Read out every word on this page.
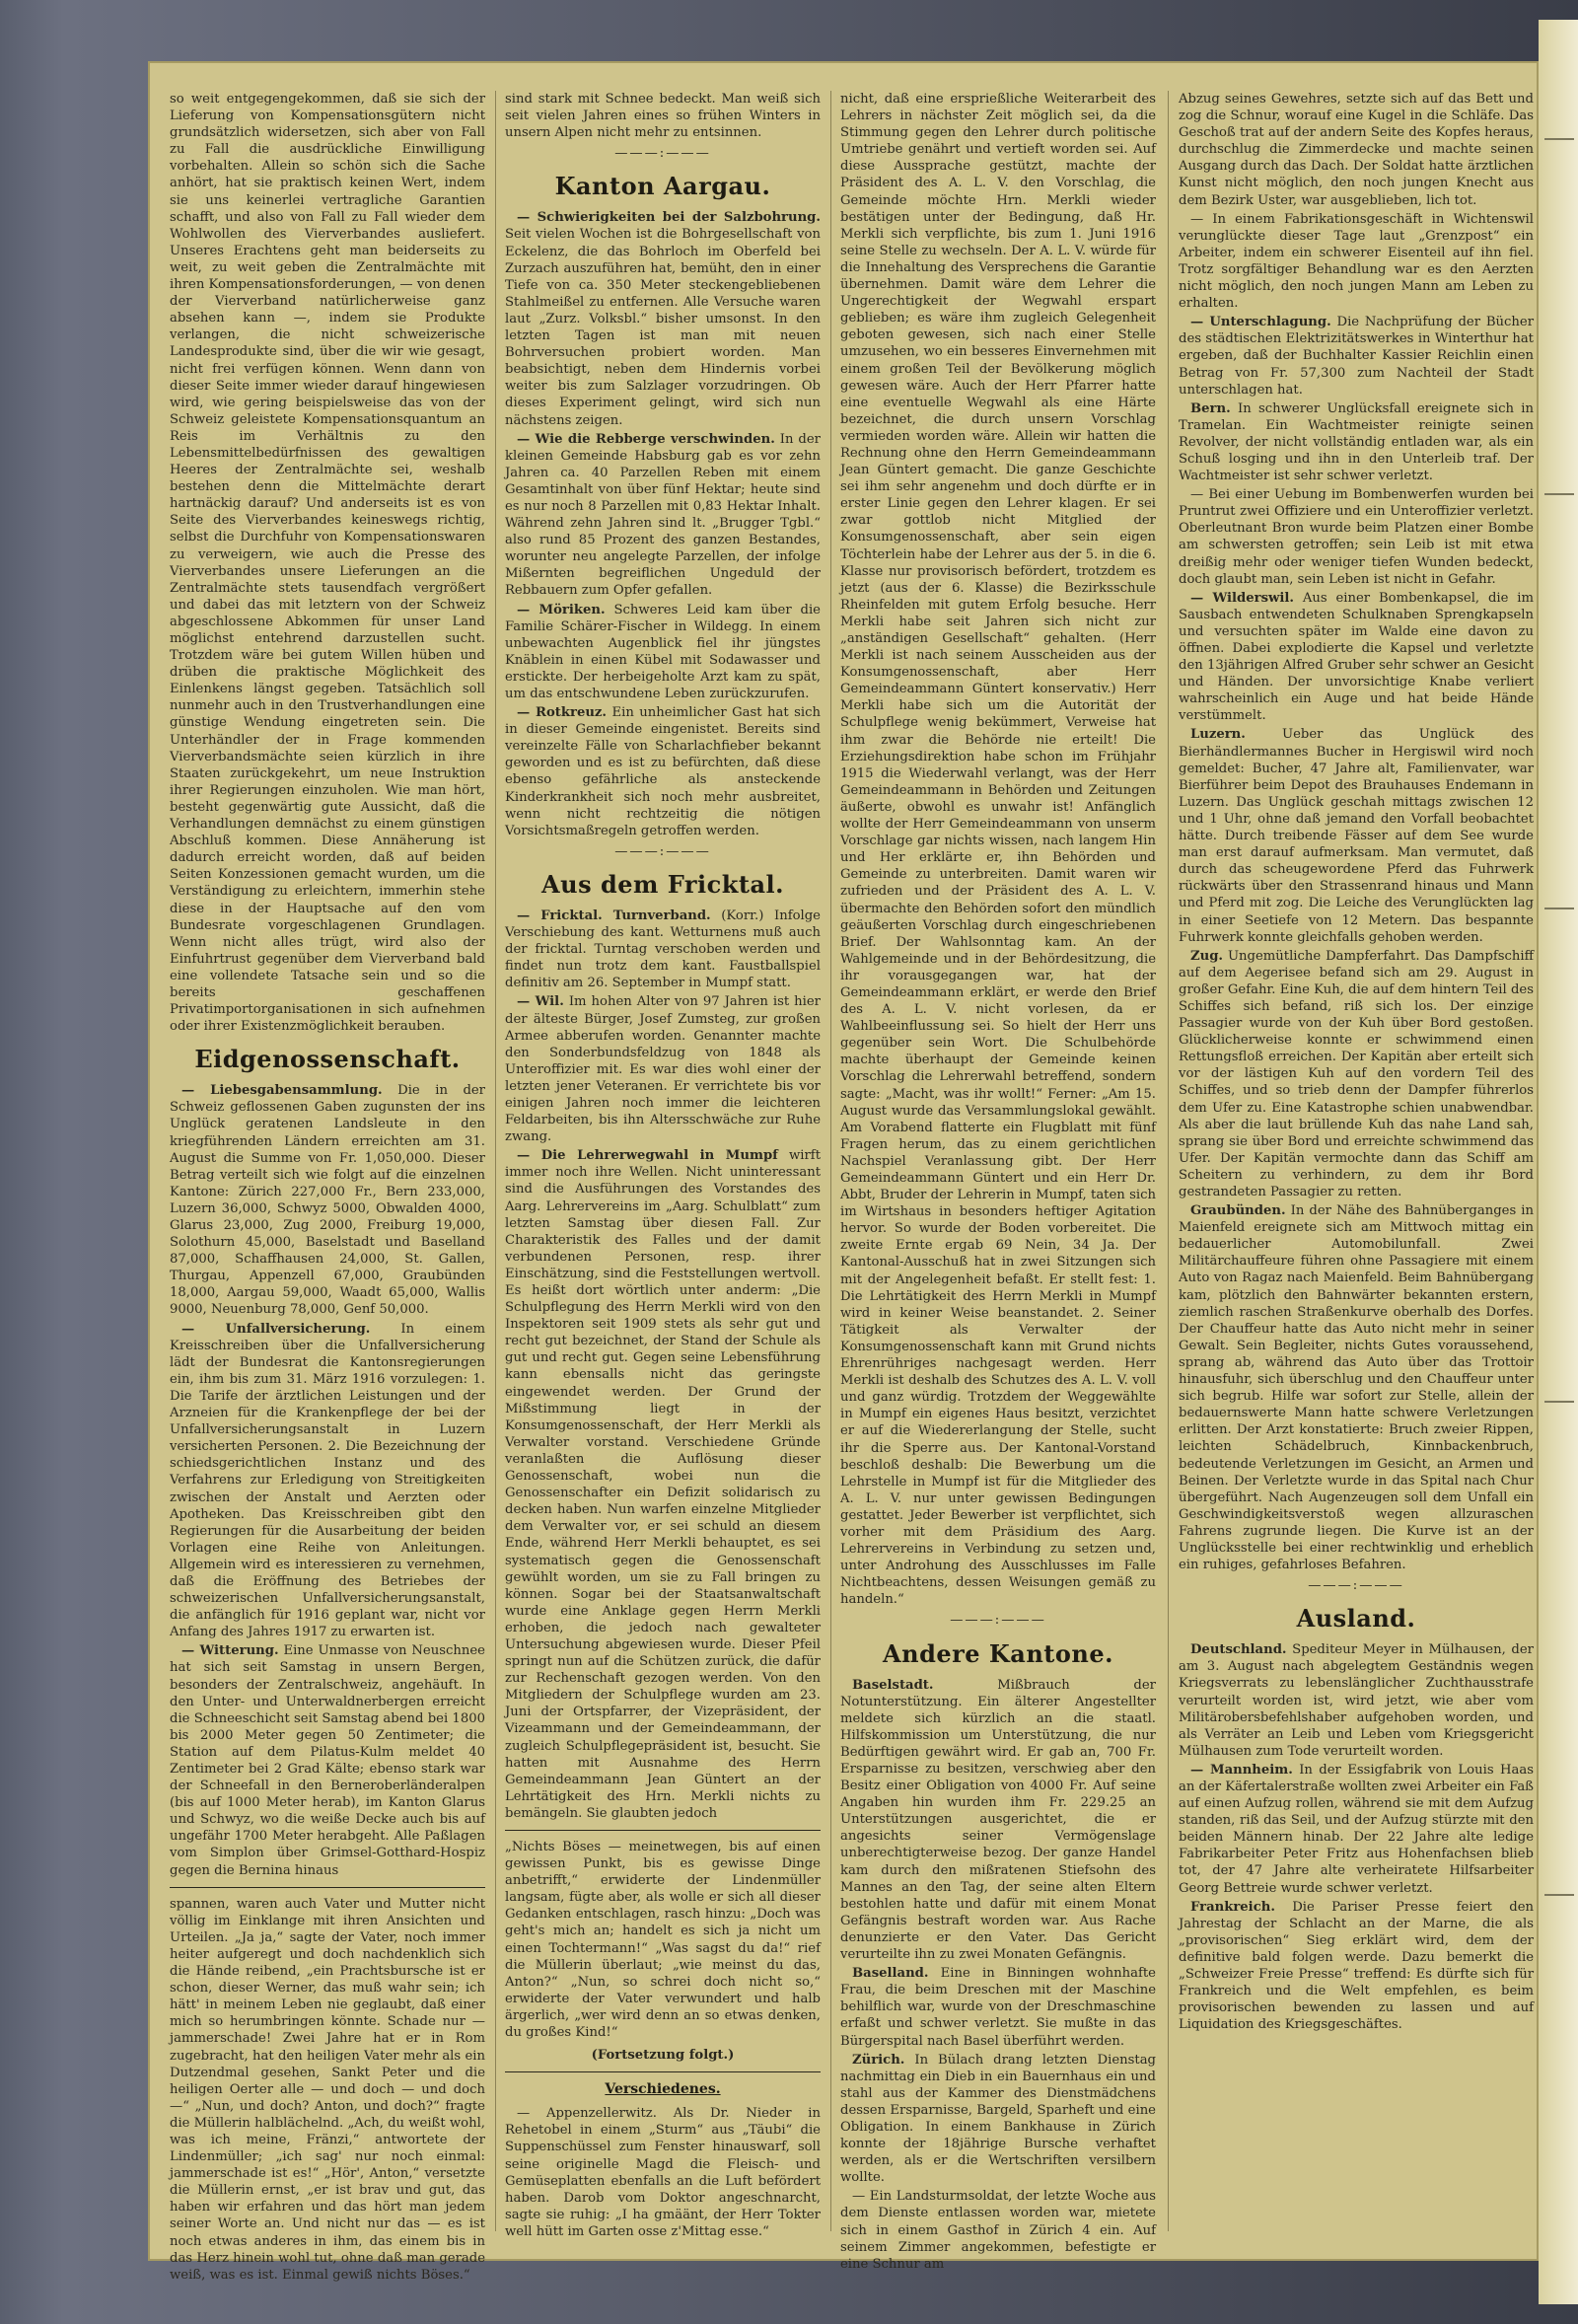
so weit entgegengekommen, daß sie sich der Lieferung von Kompensationsgütern nicht grundsätzlich widersetzen, sich aber von Fall zu Fall die ausdrückliche Einwilligung vorbehalten. Allein so schön sich die Sache anhört, hat sie praktisch keinen Wert, indem sie uns keinerlei vertragliche Garantien schafft, und also von Fall zu Fall wieder dem Wohlwollen des Vierverbandes ausliefert. Unseres Erachtens geht man beiderseits zu weit, zu weit geben die Zentralmächte mit ihren Kompensationsforderungen, — von denen der Vierverband natürlicherweise ganz absehen kann —, indem sie Produkte verlangen, die nicht schweizerische Landesprodukte sind, über die wir wie gesagt, nicht frei verfügen können. Wenn dann von dieser Seite immer wieder darauf hingewiesen wird, wie gering beispielsweise das von der Schweiz geleistete Kompensationsquantum an Reis im Verhältnis zu den Lebensmittelbedürfnissen des gewaltigen Heeres der Zentralmächte sei, weshalb bestehen denn die Mittelmächte derart hartnäckig darauf? Und anderseits ist es von Seite des Vierverbandes keineswegs richtig, selbst die Durchfuhr von Kompensationswaren zu verweigern, wie auch die Presse des Vierverbandes unsere Lieferungen an die Zentralmächte stets tausendfach vergrößert und dabei das mit letztern von der Schweiz abgeschlossene Abkommen für unser Land möglichst entehrend darzustellen sucht. Trotzdem wäre bei gutem Willen hüben und drüben die praktische Möglichkeit des Einlenkens längst gegeben. Tatsächlich soll nunmehr auch in den Trustverhandlungen eine günstige Wendung eingetreten sein. Die Unterhändler der in Frage kommenden Vierverbandsmächte seien kürzlich in ihre Staaten zurückgekehrt, um neue Instruktion ihrer Regierungen einzuholen. Wie man hört, besteht gegenwärtig gute Aussicht, daß die Verhandlungen demnächst zu einem günstigen Abschluß kommen. Diese Annäherung ist dadurch erreicht worden, daß auf beiden Seiten Konzessionen gemacht wurden, um die Verständigung zu erleichtern, immerhin stehe diese in der Hauptsache auf den vom Bundesrate vorgeschlagenen Grundlagen. Wenn nicht alles trügt, wird also der Einfuhrtrust gegenüber dem Vierverband bald eine vollendete Tatsache sein und so die bereits geschaffenen Privatimportorganisationen in sich aufnehmen oder ihrer Existenzmöglichkeit berauben.

Eidgenossenschaft.

— Liebesgabensammlung. Die in der Schweiz geflossenen Gaben zugunsten der ins Unglück geratenen Landsleute in den kriegführenden Ländern erreichten am 31. August die Summe von Fr. 1,050,000. Dieser Betrag verteilt sich wie folgt auf die einzelnen Kantone: Zürich 227,000 Fr., Bern 233,000, Luzern 36,000, Schwyz 5000, Obwalden 4000, Glarus 23,000, Zug 2000, Freiburg 19,000, Solothurn 45,000, Baselstadt und Baselland 87,000, Schaffhausen 24,000, St. Gallen, Thurgau, Appenzell 67,000, Graubünden 18,000, Aargau 59,000, Waadt 65,000, Wallis 9000, Neuenburg 78,000, Genf 50,000.

— Unfallversicherung. In einem Kreisschreiben über die Unfallversicherung lädt der Bundesrat die Kantonsregierungen ein, ihm bis zum 31. März 1916 vorzulegen: 1. Die Tarife der ärztlichen Leistungen und der Arzneien für die Krankenpflege der bei der Unfallversicherungsanstalt in Luzern versicherten Personen. 2. Die Bezeichnung der schiedsgerichtlichen Instanz und des Verfahrens zur Erledigung von Streitigkeiten zwischen der Anstalt und Aerzten oder Apotheken. Das Kreisschreiben gibt den Regierungen für die Ausarbeitung der beiden Vorlagen eine Reihe von Anleitungen. Allgemein wird es interessieren zu vernehmen, daß die Eröffnung des Betriebes der schweizerischen Unfallversicherungsanstalt, die anfänglich für 1916 geplant war, nicht vor Anfang des Jahres 1917 zu erwarten ist.

— Witterung. Eine Unmasse von Neuschnee hat sich seit Samstag in unsern Bergen, besonders der Zentralschweiz, angehäuft. In den Unter- und Unterwaldnerbergen erreicht die Schneeschicht seit Samstag abend bei 1800 bis 2000 Meter gegen 50 Zentimeter; die Station auf dem Pilatus-Kulm meldet 40 Zentimeter bei 2 Grad Kälte; ebenso stark war der Schneefall in den Berneroberländeralpen (bis auf 1000 Meter herab), im Kanton Glarus und Schwyz, wo die weiße Decke auch bis auf ungefähr 1700 Meter herabgeht. Alle Paßlagen vom Simplon über Grimsel-Gotthard-Hospiz gegen die Bernina hinaus

spannen, waren auch Vater und Mutter nicht völlig im Einklange mit ihren Ansichten und Urteilen. „Ja ja,“ sagte der Vater, noch immer heiter aufgeregt und doch nachdenklich sich die Hände reibend, „ein Prachtsbursche ist er schon, dieser Werner, das muß wahr sein; ich hätt' in meinem Leben nie geglaubt, daß einer mich so herumbringen könnte. Schade nur — jammerschade! Zwei Jahre hat er in Rom zugebracht, hat den heiligen Vater mehr als ein Dutzendmal gesehen, Sankt Peter und die heiligen Oerter alle — und doch — und doch —“ „Nun, und doch? Anton, und doch?“ fragte die Müllerin halblächelnd. „Ach, du weißt wohl, was ich meine, Fränzi,“ antwortete der Lindenmüller; „ich sag' nur noch einmal: jammerschade ist es!“ „Hör', Anton,“ versetzte die Müllerin ernst, „er ist brav und gut, das haben wir erfahren und das hört man jedem seiner Worte an. Und nicht nur das — es ist noch etwas anderes in ihm, das einem bis in das Herz hinein wohl tut, ohne daß man gerade weiß, was es ist. Einmal gewiß nichts Böses.“

sind stark mit Schnee bedeckt. Man weiß sich seit vielen Jahren eines so frühen Winters in unsern Alpen nicht mehr zu entsinnen.

———:———
Kanton Aargau.

— Schwierigkeiten bei der Salzbohrung. Seit vielen Wochen ist die Bohrgesellschaft von Eckelenz, die das Bohrloch im Oberfeld bei Zurzach auszuführen hat, bemüht, den in einer Tiefe von ca. 350 Meter steckengebliebenen Stahlmeißel zu entfernen. Alle Versuche waren laut „Zurz. Volksbl.“ bisher umsonst. In den letzten Tagen ist man mit neuen Bohrversuchen probiert worden. Man beabsichtigt, neben dem Hindernis vorbei weiter bis zum Salzlager vorzudringen. Ob dieses Experiment gelingt, wird sich nun nächstens zeigen.

— Wie die Rebberge verschwinden. In der kleinen Gemeinde Habsburg gab es vor zehn Jahren ca. 40 Parzellen Reben mit einem Gesamtinhalt von über fünf Hektar; heute sind es nur noch 8 Parzellen mit 0,83 Hektar Inhalt. Während zehn Jahren sind lt. „Brugger Tgbl.“ also rund 85 Prozent des ganzen Bestandes, worunter neu angelegte Parzellen, der infolge Mißernten begreiflichen Ungeduld der Rebbauern zum Opfer gefallen.

— Möriken. Schweres Leid kam über die Familie Schärer-Fischer in Wildegg. In einem unbewachten Augenblick fiel ihr jüngstes Knäblein in einen Kübel mit Sodawasser und erstickte. Der herbeigeholte Arzt kam zu spät, um das entschwundene Leben zurückzurufen.

— Rotkreuz. Ein unheimlicher Gast hat sich in dieser Gemeinde eingenistet. Bereits sind vereinzelte Fälle von Scharlachfieber bekannt geworden und es ist zu befürchten, daß diese ebenso gefährliche als ansteckende Kinderkrankheit sich noch mehr ausbreitet, wenn nicht rechtzeitig die nötigen Vorsichtsmaßregeln getroffen werden.

———:———
Aus dem Fricktal.

— Fricktal. Turnverband. (Korr.) Infolge Verschiebung des kant. Wetturnens muß auch der fricktal. Turntag verschoben werden und findet nun trotz dem kant. Faustballspiel definitiv am 26. September in Mumpf statt.

— Wil. Im hohen Alter von 97 Jahren ist hier der älteste Bürger, Josef Zumsteg, zur großen Armee abberufen worden. Genannter machte den Sonderbundsfeldzug von 1848 als Unteroffizier mit. Es war dies wohl einer der letzten jener Veteranen. Er verrichtete bis vor einigen Jahren noch immer die leichteren Feldarbeiten, bis ihn Altersschwäche zur Ruhe zwang.

— Die Lehrerwegwahl in Mumpf wirft immer noch ihre Wellen. Nicht uninteressant sind die Ausführungen des Vorstandes des Aarg. Lehrervereins im „Aarg. Schulblatt“ zum letzten Samstag über diesen Fall. Zur Charakteristik des Falles und der damit verbundenen Personen, resp. ihrer Einschätzung, sind die Feststellungen wertvoll. Es heißt dort wörtlich unter anderm: „Die Schulpflegung des Herrn Merkli wird von den Inspektoren seit 1909 stets als sehr gut und recht gut bezeichnet, der Stand der Schule als gut und recht gut. Gegen seine Lebensführung kann ebensalls nicht das geringste eingewendet werden. Der Grund der Mißstimmung liegt in der Konsumgenossenschaft, der Herr Merkli als Verwalter vorstand. Verschiedene Gründe veranlaßten die Auflösung dieser Genossenschaft, wobei nun die Genossenschafter ein Defizit solidarisch zu decken haben. Nun warfen einzelne Mitglieder dem Verwalter vor, er sei schuld an diesem Ende, während Herr Merkli behauptet, es sei systematisch gegen die Genossenschaft gewühlt worden, um sie zu Fall bringen zu können. Sogar bei der Staatsanwaltschaft wurde eine Anklage gegen Herrn Merkli erhoben, die jedoch nach gewalteter Untersuchung abgewiesen wurde. Dieser Pfeil springt nun auf die Schützen zurück, die dafür zur Rechenschaft gezogen werden. Von den Mitgliedern der Schulpflege wurden am 23. Juni der Ortspfarrer, der Vizepräsident, der Vizeammann und der Gemeindeammann, der zugleich Schulpflegepräsident ist, besucht. Sie hatten mit Ausnahme des Herrn Gemeindeammann Jean Güntert an der Lehrtätigkeit des Hrn. Merkli nichts zu bemängeln. Sie glaubten jedoch

„Nichts Böses — meinetwegen, bis auf einen gewissen Punkt, bis es gewisse Dinge anbetrifft,“ erwiderte der Lindenmüller langsam, fügte aber, als wolle er sich all dieser Gedanken entschlagen, rasch hinzu: „Doch was geht's mich an; handelt es sich ja nicht um einen Tochtermann!“ „Was sagst du da!“ rief die Müllerin überlaut; „wie meinst du das, Anton?“ „Nun, so schrei doch nicht so,“ erwiderte der Vater verwundert und halb ärgerlich, „wer wird denn an so etwas denken, du großes Kind!“

(Fortsetzung folgt.)
Verschiedenes.

— Appenzellerwitz. Als Dr. Nieder in Rehetobel in einem „Sturm“ aus „Täubi“ die Suppenschüssel zum Fenster hinauswarf, soll seine originelle Magd die Fleisch- und Gemüseplatten ebenfalls an die Luft befördert haben. Darob vom Doktor angeschnarcht, sagte sie ruhig: „I ha gmäänt, der Herr Tokter well hütt im Garten osse z'Mittag esse.“

nicht, daß eine ersprießliche Weiterarbeit des Lehrers in nächster Zeit möglich sei, da die Stimmung gegen den Lehrer durch politische Umtriebe genährt und vertieft worden sei. Auf diese Aussprache gestützt, machte der Präsident des A. L. V. den Vorschlag, die Gemeinde möchte Hrn. Merkli wieder bestätigen unter der Bedingung, daß Hr. Merkli sich verpflichte, bis zum 1. Juni 1916 seine Stelle zu wechseln. Der A. L. V. würde für die Innehaltung des Versprechens die Garantie übernehmen. Damit wäre dem Lehrer die Ungerechtigkeit der Wegwahl erspart geblieben; es wäre ihm zugleich Gelegenheit geboten gewesen, sich nach einer Stelle umzusehen, wo ein besseres Einvernehmen mit einem großen Teil der Bevölkerung möglich gewesen wäre. Auch der Herr Pfarrer hatte eine eventuelle Wegwahl als eine Härte bezeichnet, die durch unsern Vorschlag vermieden worden wäre. Allein wir hatten die Rechnung ohne den Herrn Gemeindeammann Jean Güntert gemacht. Die ganze Geschichte sei ihm sehr angenehm und doch dürfte er in erster Linie gegen den Lehrer klagen. Er sei zwar gottlob nicht Mitglied der Konsumgenossenschaft, aber sein eigen Töchterlein habe der Lehrer aus der 5. in die 6. Klasse nur provisorisch befördert, trotzdem es jetzt (aus der 6. Klasse) die Bezirksschule Rheinfelden mit gutem Erfolg besuche. Herr Merkli habe seit Jahren sich nicht zur „anständigen Gesellschaft“ gehalten. (Herr Merkli ist nach seinem Ausscheiden aus der Konsumgenossenschaft, aber Herr Gemeindeammann Güntert konservativ.) Herr Merkli habe sich um die Autorität der Schulpflege wenig bekümmert, Verweise hat ihm zwar die Behörde nie erteilt! Die Erziehungsdirektion habe schon im Frühjahr 1915 die Wiederwahl verlangt, was der Herr Gemeindeammann in Behörden und Zeitungen äußerte, obwohl es unwahr ist! Anfänglich wollte der Herr Gemeindeammann von unserm Vorschlage gar nichts wissen, nach langem Hin und Her erklärte er, ihn Behörden und Gemeinde zu unterbreiten. Damit waren wir zufrieden und der Präsident des A. L. V. übermachte den Behörden sofort den mündlich geäußerten Vorschlag durch eingeschriebenen Brief. Der Wahlsonntag kam. An der Wahlgemeinde und in der Behördesitzung, die ihr vorausgegangen war, hat der Gemeindeammann erklärt, er werde den Brief des A. L. V. nicht vorlesen, da er Wahlbeeinflussung sei. So hielt der Herr uns gegenüber sein Wort. Die Schulbehörde machte überhaupt der Gemeinde keinen Vorschlag die Lehrerwahl betreffend, sondern sagte: „Macht, was ihr wollt!“ Ferner: „Am 15. August wurde das Versammlungslokal gewählt. Am Vorabend flatterte ein Flugblatt mit fünf Fragen herum, das zu einem gerichtlichen Nachspiel Veranlassung gibt. Der Herr Gemeindeammann Güntert und ein Herr Dr. Abbt, Bruder der Lehrerin in Mumpf, taten sich im Wirtshaus in besonders heftiger Agitation hervor. So wurde der Boden vorbereitet. Die zweite Ernte ergab 69 Nein, 34 Ja. Der Kantonal-Ausschuß hat in zwei Sitzungen sich mit der Angelegenheit befaßt. Er stellt fest: 1. Die Lehrtätigkeit des Herrn Merkli in Mumpf wird in keiner Weise beanstandet. 2. Seiner Tätigkeit als Verwalter der Konsumgenossenschaft kann mit Grund nichts Ehrenrühriges nachgesagt werden. Herr Merkli ist deshalb des Schutzes des A. L. V. voll und ganz würdig. Trotzdem der Weggewählte in Mumpf ein eigenes Haus besitzt, verzichtet er auf die Wiedererlangung der Stelle, sucht ihr die Sperre aus. Der Kantonal-Vorstand beschloß deshalb: Die Bewerbung um die Lehrstelle in Mumpf ist für die Mitglieder des A. L. V. nur unter gewissen Bedingungen gestattet. Jeder Bewerber ist verpflichtet, sich vorher mit dem Präsidium des Aarg. Lehrervereins in Verbindung zu setzen und, unter Androhung des Ausschlusses im Falle Nichtbeachtens, dessen Weisungen gemäß zu handeln.“

———:———
Andere Kantone.

Baselstadt.	Mißbrauch der Notunterstützung. Ein älterer Angestellter meldete sich kürzlich an die staatl. Hilfskommission um Unterstützung, die nur Bedürftigen gewährt wird. Er gab an, 700 Fr. Ersparnisse zu besitzen, verschwieg aber den Besitz einer Obligation von 4000 Fr. Auf seine Angaben hin wurden ihm Fr. 229.25 an Unterstützungen ausgerichtet, die er angesichts seiner Vermögenslage unberechtigterweise bezog. Der ganze Handel kam durch den mißratenen Stiefsohn des Mannes an den Tag, der seine alten Eltern bestohlen hatte und dafür mit einem Monat Gefängnis bestraft worden war. Aus Rache denunzierte er den Vater. Das Gericht verurteilte ihn zu zwei Monaten Gefängnis.

Baselland. Eine in Binningen wohnhafte Frau, die beim Dreschen mit der Maschine behilflich war, wurde von der Dreschmaschine erfaßt und schwer verletzt. Sie mußte in das Bürgerspital nach Basel überführt werden.

Zürich. In Bülach drang letzten Dienstag nachmittag ein Dieb in ein Bauernhaus ein und stahl aus der Kammer des Dienstmädchens dessen Ersparnisse, Bargeld, Sparheft und eine Obligation. In einem Bankhause in Zürich konnte der 18jährige Bursche verhaftet werden, als er die Wertschriften versilbern wollte.

— Ein Landsturmsoldat, der letzte Woche aus dem Dienste entlassen worden war, mietete sich in einem Gasthof in Zürich 4 ein. Auf seinem Zimmer angekommen, befestigte er eine Schnur am

Abzug seines Gewehres, setzte sich auf das Bett und zog die Schnur, worauf eine Kugel in die Schläfe. Das Geschoß trat auf der andern Seite des Kopfes heraus, durchschlug die Zimmerdecke und machte seinen Ausgang durch das Dach. Der Soldat hatte ärztlichen Kunst nicht möglich, den noch jungen Knecht aus dem Bezirk Uster, war ausgeblieben, lich tot.

— In einem Fabrikationsgeschäft in Wichtenswil verunglückte dieser Tage laut „Grenzpost“ ein Arbeiter, indem ein schwerer Eisenteil auf ihn fiel. Trotz sorgfältiger Behandlung war es den Aerzten nicht möglich, den noch jungen Mann am Leben zu erhalten.

— Unterschlagung. Die Nachprüfung der Bücher des städtischen Elektrizitätswerkes in Winterthur hat ergeben, daß der Buchhalter Kassier Reichlin einen Betrag von Fr. 57,300 zum Nachteil der Stadt unterschlagen hat.

Bern. In schwerer Unglücksfall ereignete sich in Tramelan. Ein Wachtmeister reinigte seinen Revolver, der nicht vollständig entladen war, als ein Schuß losging und ihn in den Unterleib traf. Der Wachtmeister ist sehr schwer verletzt.

— Bei einer Uebung im Bombenwerfen wurden bei Pruntrut zwei Offiziere und ein Unteroffizier verletzt. Oberleutnant Bron wurde beim Platzen einer Bombe am schwersten getroffen; sein Leib ist mit etwa dreißig mehr oder weniger tiefen Wunden bedeckt, doch glaubt man, sein Leben ist nicht in Gefahr.

— Wilderswil. Aus einer Bombenkapsel, die im Sausbach entwendeten Schulknaben Sprengkapseln und versuchten später im Walde eine davon zu öffnen. Dabei explodierte die Kapsel und verletzte den 13jährigen Alfred Gruber sehr schwer an Gesicht und Händen. Der unvorsichtige Knabe verliert wahrscheinlich ein Auge und hat beide Hände verstümmelt.

Luzern.	Ueber das Unglück des Bierhändlermannes Bucher in Hergiswil wird noch gemeldet: Bucher, 47 Jahre alt, Familienvater, war Bierführer beim Depot des Brauhauses Endemann in Luzern. Das Unglück geschah mittags zwischen 12 und 1 Uhr, ohne daß jemand den Vorfall beobachtet hätte. Durch treibende Fässer auf dem See wurde man erst darauf aufmerksam. Man vermutet, daß durch das scheugewordene Pferd das Fuhrwerk rückwärts über den Strassenrand hinaus und Mann und Pferd mit zog. Die Leiche des Verunglückten lag in einer Seetiefe von 12 Metern. Das bespannte Fuhrwerk konnte gleichfalls gehoben werden.

Zug. Ungemütliche Dampferfahrt. Das Dampfschiff auf dem Aegerisee befand sich am 29. August in großer Gefahr. Eine Kuh, die auf dem hintern Teil des Schiffes sich befand, riß sich los. Der einzige Passagier wurde von der Kuh über Bord gestoßen. Glücklicherweise konnte er schwimmend einen Rettungsfloß erreichen. Der Kapitän aber erteilt sich vor der lästigen Kuh auf den vordern Teil des Schiffes, und so trieb denn der Dampfer führerlos dem Ufer zu. Eine Katastrophe schien unabwendbar. Als aber die laut brüllende Kuh das nahe Land sah, sprang sie über Bord und erreichte schwimmend das Ufer. Der Kapitän vermochte dann das Schiff am Scheitern zu verhindern, zu dem ihr Bord gestrandeten Passagier zu retten.

Graubünden. In der Nähe des Bahnüberganges in Maienfeld ereignete sich am Mittwoch mittag ein bedauerlicher Automobilunfall. Zwei Militärchauffeure führen ohne Passagiere mit einem Auto von Ragaz nach Maienfeld. Beim Bahnübergang kam, plötzlich den Bahnwärter bekannten erstern, ziemlich raschen Straßenkurve oberhalb des Dorfes. Der Chauffeur hatte das Auto nicht mehr in seiner Gewalt. Sein Begleiter, nichts Gutes voraussehend, sprang ab, während das Auto über das Trottoir hinausfuhr, sich überschlug und den Chauffeur unter sich begrub. Hilfe war sofort zur Stelle, allein der bedauernswerte Mann hatte schwere Verletzungen erlitten. Der Arzt konstatierte: Bruch zweier Rippen, leichten Schädelbruch, Kinnbackenbruch, bedeutende Verletzungen im Gesicht, an Armen und Beinen. Der Verletzte wurde in das Spital nach Chur übergeführt. Nach Augenzeugen soll dem Unfall ein Geschwindigkeitsverstoß wegen allzuraschen Fahrens zugrunde liegen. Die Kurve ist an der Unglücksstelle bei einer rechtwinklig und erheblich ein ruhiges, gefahrloses Befahren.

———:———
Ausland.

Deutschland. Spediteur Meyer in Mülhausen, der am 3. August nach abgelegtem Geständnis wegen Kriegsverrats zu lebenslänglicher Zuchthausstrafe verurteilt worden ist, wird jetzt, wie aber vom Militärobersbefehlshaber aufgehoben worden, und als Verräter an Leib und Leben vom Kriegsgericht Mülhausen zum Tode verurteilt worden.

— Mannheim. In der Essigfabrik von Louis Haas an der Käfertalerstraße wollten zwei Arbeiter ein Faß auf einen Aufzug rollen, während sie mit dem Aufzug standen, riß das Seil, und der Aufzug stürzte mit den beiden Männern hinab. Der 22 Jahre alte ledige Fabrikarbeiter Peter Fritz aus Hohenfachsen blieb tot, der 47 Jahre alte verheiratete Hilfsarbeiter Georg Bettreie wurde schwer verletzt.

Frankreich. Die Pariser Presse feiert den Jahrestag der Schlacht an der Marne, die als „provisorischen“ Sieg erklärt wird, dem der definitive bald folgen werde. Dazu bemerkt die „Schweizer Freie Presse“ treffend: Es dürfte sich für Frankreich und die Welt empfehlen, es beim provisorischen bewenden zu lassen und auf Liquidation des Kriegsgeschäftes.
